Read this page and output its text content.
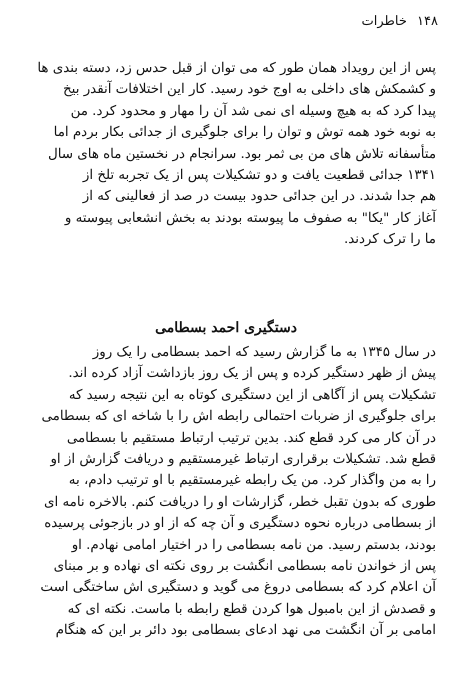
۱۴۸ خاطرات
پس از این رویداد همان طور که می توان از قبل حدس زد، دسته بندی ها
و کشمکش های داخلی به اوج خود رسید. کار این اختلافات آنقدر بیخ
پیدا کرد که به هیچ وسیله ای نمی شد آن را مهار و محدود کرد. من
به نوبه خود همه توش و توان را برای جلوگیری از جدائی بکار بردم اما
متأسفانه تلاش های من بی ثمر بود. سرانجام در نخستین ماه های سال
۱۳۴۱ جدائی قطعیت یافت و دو تشکیلات پس از یک تجربه تلخ از
هم جدا شدند. در این جدائی حدود بیست در صد از فعالینی که از
آغاز کار "یکا" به صفوف ما پیوسته بودند به بخش انشعابی پیوسته و
ما را ترک کردند.
دستگیری احمد بسطامی
در سال ۱۳۴۵ به ما گزارش رسید که احمد بسطامی را یک روز
پیش از ظهر دستگیر کرده و پس از یک روز بازداشت آزاد کرده اند.
تشکیلات پس از آگاهی از این دستگیری کوتاه به این نتیجه رسید که
برای جلوگیری از ضربات احتمالی رابطه اش را با شاخه ای که بسطامی
در آن کار می کرد قطع کند. بدین ترتیب ارتباط مستقیم با بسطامی
قطع شد. تشکیلات برقراری ارتباط غیرمستقیم و دریافت گزارش از او
را به من واگذار کرد. من یک رابطه غیرمستقیم با او ترتیب دادم، به
طوری که بدون تقبل خطر، گزارشات او را دریافت کنم. بالاخره نامه ای
از بسطامی درباره نحوه دستگیری و آن چه که از او در بازجوئی پرسیده
بودند، بدستم رسید. من نامه بسطامی را در اختیار امامی نهادم. او
پس از خواندن نامه بسطامی انگشت بر روی نکته ای نهاده و بر مبنای
آن اعلام کرد که بسطامی دروغ می گوید و دستگیری اش ساختگی است
و قصدش از این بامبول هوا کردن قطع رابطه با ماست. نکته ای که
امامی بر آن انگشت می نهد ادعای بسطامی بود دائر بر این که هنگام
